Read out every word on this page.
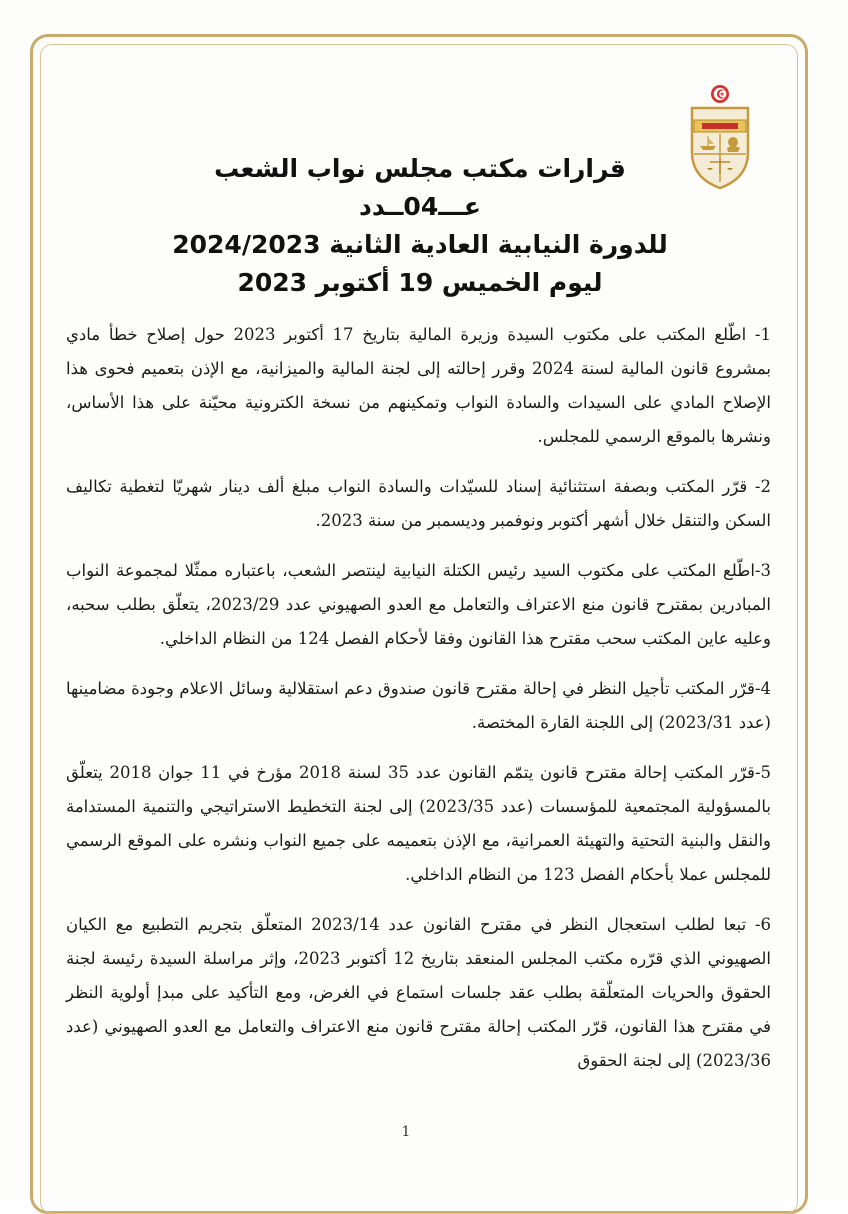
قرارات مكتب مجلس نواب الشعب
عـــ04ــدد
للدورة النيابية العادية الثانية 2024/2023
ليوم الخميس 19 أكتوبر 2023

1- اطّلع المكتب على مكتوب السيدة وزيرة المالية بتاريخ 17 أكتوبر 2023 حول إصلاح خطأ مادي بمشروع قانون المالية لسنة 2024 وقرر إحالته إلى لجنة المالية والميزانية، مع الإذن بتعميم فحوى هذا الإصلاح المادي على السيدات والسادة النواب وتمكينهم من نسخة الكترونية محيّنة على هذا الأساس، ونشرها بالموقع الرسمي للمجلس.

2- قرّر المكتب وبصفة استثنائية إسناد للسيّدات والسادة النواب مبلغ ألف دينار شهريّا لتغطية تكاليف السكن والتنقل خلال أشهر أكتوبر ونوفمبر وديسمبر من سنة 2023.

3-اطّلع المكتب على مكتوب السيد رئيس الكتلة النيابية لينتصر الشعب، باعتباره ممثّلا لمجموعة النواب المبادرين بمقترح قانون منع الاعتراف والتعامل مع العدو الصهيوني عدد 2023/29، يتعلّق بطلب سحبه، وعليه عاين المكتب سحب مقترح هذا القانون وفقا لأحكام الفصل 124 من النظام الداخلي.

4-قرّر المكتب تأجيل النظر في إحالة مقترح قانون صندوق دعم استقلالية وسائل الاعلام وجودة مضامينها (عدد 2023/31) إلى اللجنة القارة المختصة.

5-قرّر المكتب إحالة مقترح قانون يتمّم القانون عدد 35 لسنة 2018 مؤرخ في 11 جوان 2018 يتعلّق بالمسؤولية المجتمعية للمؤسسات (عدد 2023/35) إلى لجنة التخطيط الاستراتيجي والتنمية المستدامة والنقل والبنية التحتية والتهيئة العمرانية، مع الإذن بتعميمه على جميع النواب ونشره على الموقع الرسمي للمجلس عملا بأحكام الفصل 123 من النظام الداخلي.

6- تبعا لطلب استعجال النظر في مقترح القانون عدد 2023/14 المتعلّق بتجريم التطبيع مع الكيان الصهيوني الذي قرّره مكتب المجلس المنعقد بتاريخ 12 أكتوبر 2023، وإثر مراسلة السيدة رئيسة لجنة الحقوق والحريات المتعلّقة بطلب عقد جلسات استماع في الغرض، ومع التأكيد على مبدإ أولوية النظر في مقترح هذا القانون، قرّر المكتب إحالة مقترح قانون منع الاعتراف والتعامل مع العدو الصهيوني (عدد 2023/36) إلى لجنة الحقوق

1
